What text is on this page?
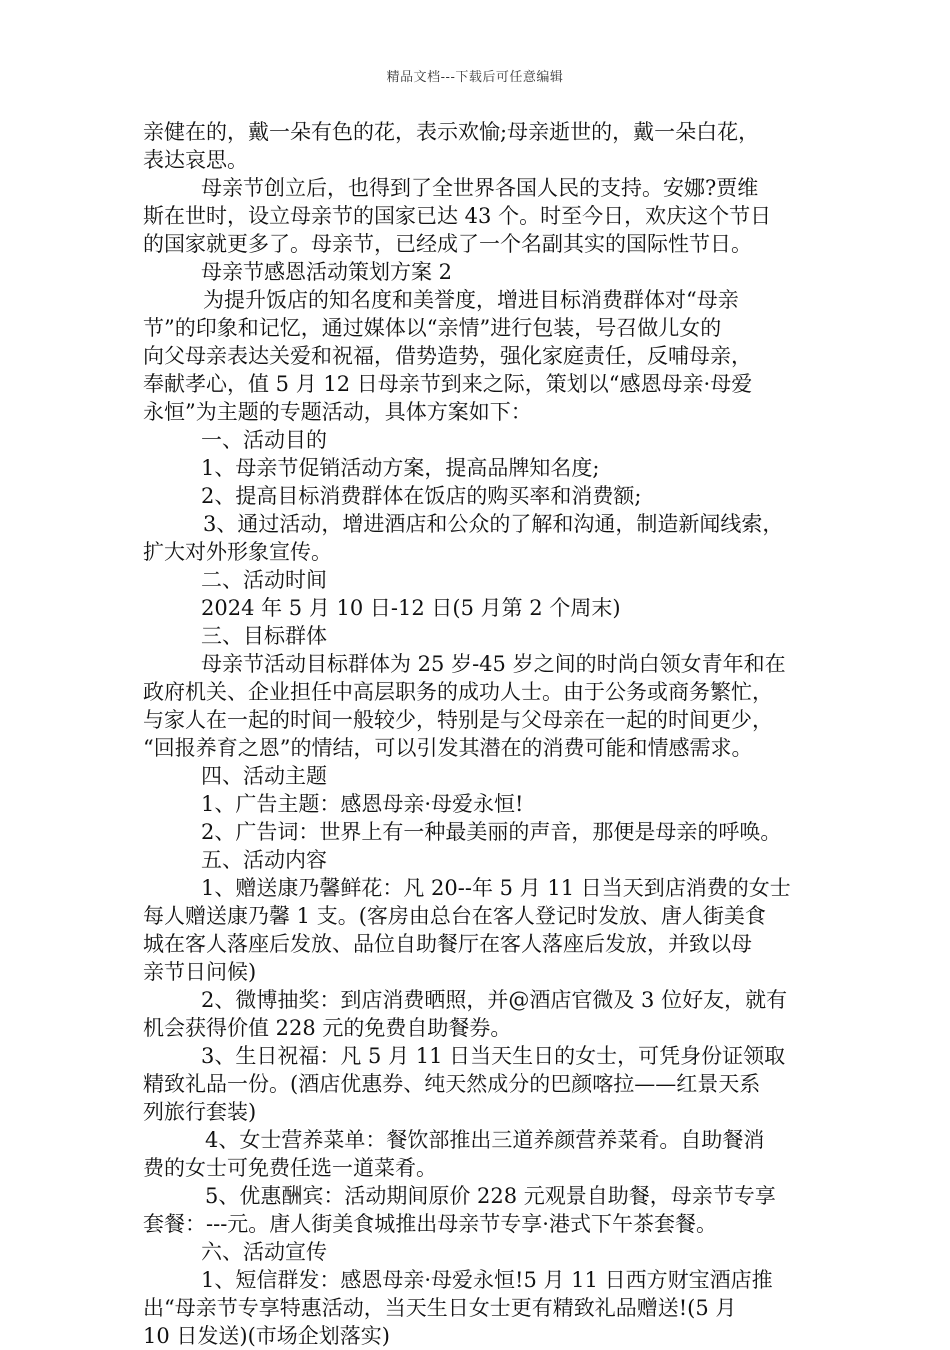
精品文档---下载后可任意编辑

亲健在的，戴一朵有色的花，表示欢愉;母亲逝世的，戴一朵白花，

表达哀思。

母亲节创立后，也得到了全世界各国人民的支持。安娜?贾维

斯在世时，设立母亲节的国家已达 43 个。时至今日，欢庆这个节日

的国家就更多了。母亲节，已经成了一个名副其实的国际性节日。

母亲节感恩活动策划方案 2

为提升饭店的知名度和美誉度，增进目标消费群体对“母亲

节”的印象和记忆，通过媒体以“亲情”进行包装，号召做儿女的

向父母亲表达关爱和祝福，借势造势，强化家庭责任，反哺母亲，

奉献孝心，值 5 月 12 日母亲节到来之际，策划以“感恩母亲·母爱

永恒”为主题的专题活动，具体方案如下：

一、活动目的

1、母亲节促销活动方案，提高品牌知名度;

2、提高目标消费群体在饭店的购买率和消费额;

3、通过活动，增进酒店和公众的了解和沟通，制造新闻线索，

扩大对外形象宣传。

二、活动时间

2024 年 5 月 10 日-12 日(5 月第 2 个周末)

三、目标群体

母亲节活动目标群体为 25 岁-45 岁之间的时尚白领女青年和在

政府机关、企业担任中高层职务的成功人士。由于公务或商务繁忙，

与家人在一起的时间一般较少，特别是与父母亲在一起的时间更少，

“回报养育之恩”的情结，可以引发其潜在的消费可能和情感需求。

四、活动主题

1、广告主题：感恩母亲·母爱永恒!

2、广告词：世界上有一种最美丽的声音，那便是母亲的呼唤。

五、活动内容

1、赠送康乃馨鲜花：凡 20--年 5 月 11 日当天到店消费的女士

每人赠送康乃馨 1 支。(客房由总台在客人登记时发放、唐人街美食

城在客人落座后发放、品位自助餐厅在客人落座后发放，并致以母

亲节日问候)

2、微博抽奖：到店消费晒照，并@酒店官微及 3 位好友，就有

机会获得价值 228 元的免费自助餐券。

3、生日祝福：凡 5 月 11 日当天生日的女士，可凭身份证领取

精致礼品一份。(酒店优惠券、纯天然成分的巴颜喀拉——红景天系

列旅行套装)

4、女士营养菜单：餐饮部推出三道养颜营养菜肴。自助餐消

费的女士可免费任选一道菜肴。

5、优惠酬宾：活动期间原价 228 元观景自助餐，母亲节专享

套餐：---元。唐人街美食城推出母亲节专享·港式下午茶套餐。

六、活动宣传

1、短信群发：感恩母亲·母爱永恒!5 月 11 日西方财宝酒店推

出“母亲节专享特惠活动，当天生日女士更有精致礼品赠送!(5 月

10 日发送)(市场企划落实)
